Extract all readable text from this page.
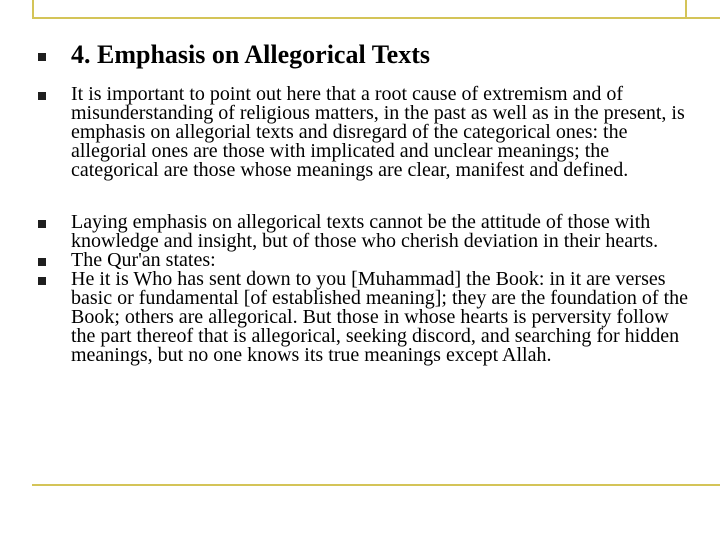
4. Emphasis on Allegorical Texts
It is important to point out here that a root cause of extremism and of misunderstanding of religious matters, in the past as well as in the present, is emphasis on allegorial texts and disregard of the categorical ones: the allegorial ones are those with implicated and unclear meanings; the categorical are those whose meanings are clear, manifest and defined.
Laying emphasis on allegorical texts cannot be the attitude of those with knowledge and insight, but of those who cherish deviation in their hearts.
The Qur'an states:
He it is Who has sent down to you [Muhammad] the Book: in it are verses basic or fundamental [of established meaning]; they are the foundation of the Book; others are allegorical. But those in whose hearts is perversity follow the part thereof that is allegorical, seeking discord, and searching for hidden meanings, but no one knows its true meanings except Allah.
